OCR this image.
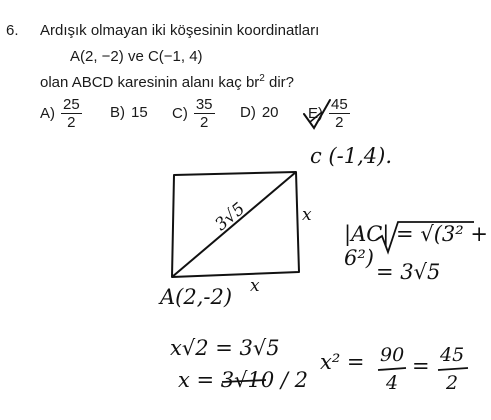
6. Ardışık olmayan iki köşesinin koordinatları
A(2, −2) ve C(−1, 4)
olan ABCD karesinin alanı kaç $br^2$ dir?
$A) \frac{25}{2} B$) 15 $C) \frac{35}{2} D$) 20 $E) \frac{45}{2}$
c (-1,4).
3√5	x
x
A(2,-2)
|AC| = √(3² + 6²)
= 3√5
x√2 = 3√5
x = 3√10 / 2
x² = 90
4
= 45
2
